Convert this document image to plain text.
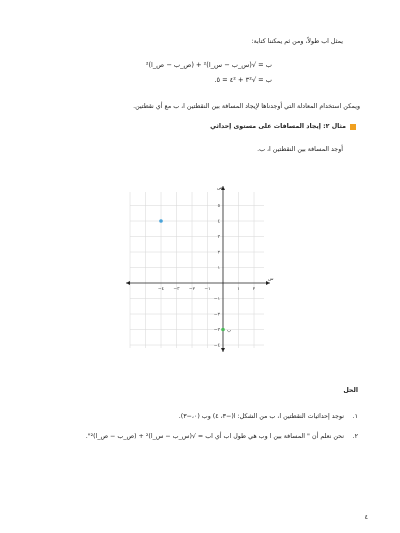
يمثل اب طولاً، ومن ثم يمكننا كتابة:
ب = √(س_ب − س_ا)² + (ص_ب − ص_ا)²
ب = √٣² + ٤² = ٥.
ويمكن استخدام المعادلة التي أوجدناها لإيجاد المسافة بين النقطتين ا، ب مع أي نقطتين.
مثال ٢: إيجاد المسافات على مستوى إحداثي
أوجد المسافة بين النقطتين ا، ب.
س
ص
−٤ −٣ −٢ −١	١	٢
٥
٤
٣
٢
١
−١
−٢
−٣
−٤
ب
الحل
١.
نوجد إحداثيات النقطتين ا، ب من الشكل: ا(−٣، ٤) وب (٠،−٣).
٢.
نحن نعلم أن " المسافة بين ا وب هي طول اب أي اب = √(س_ب − س_ا)² + (ص_ب − ص_ا)²".
٤
